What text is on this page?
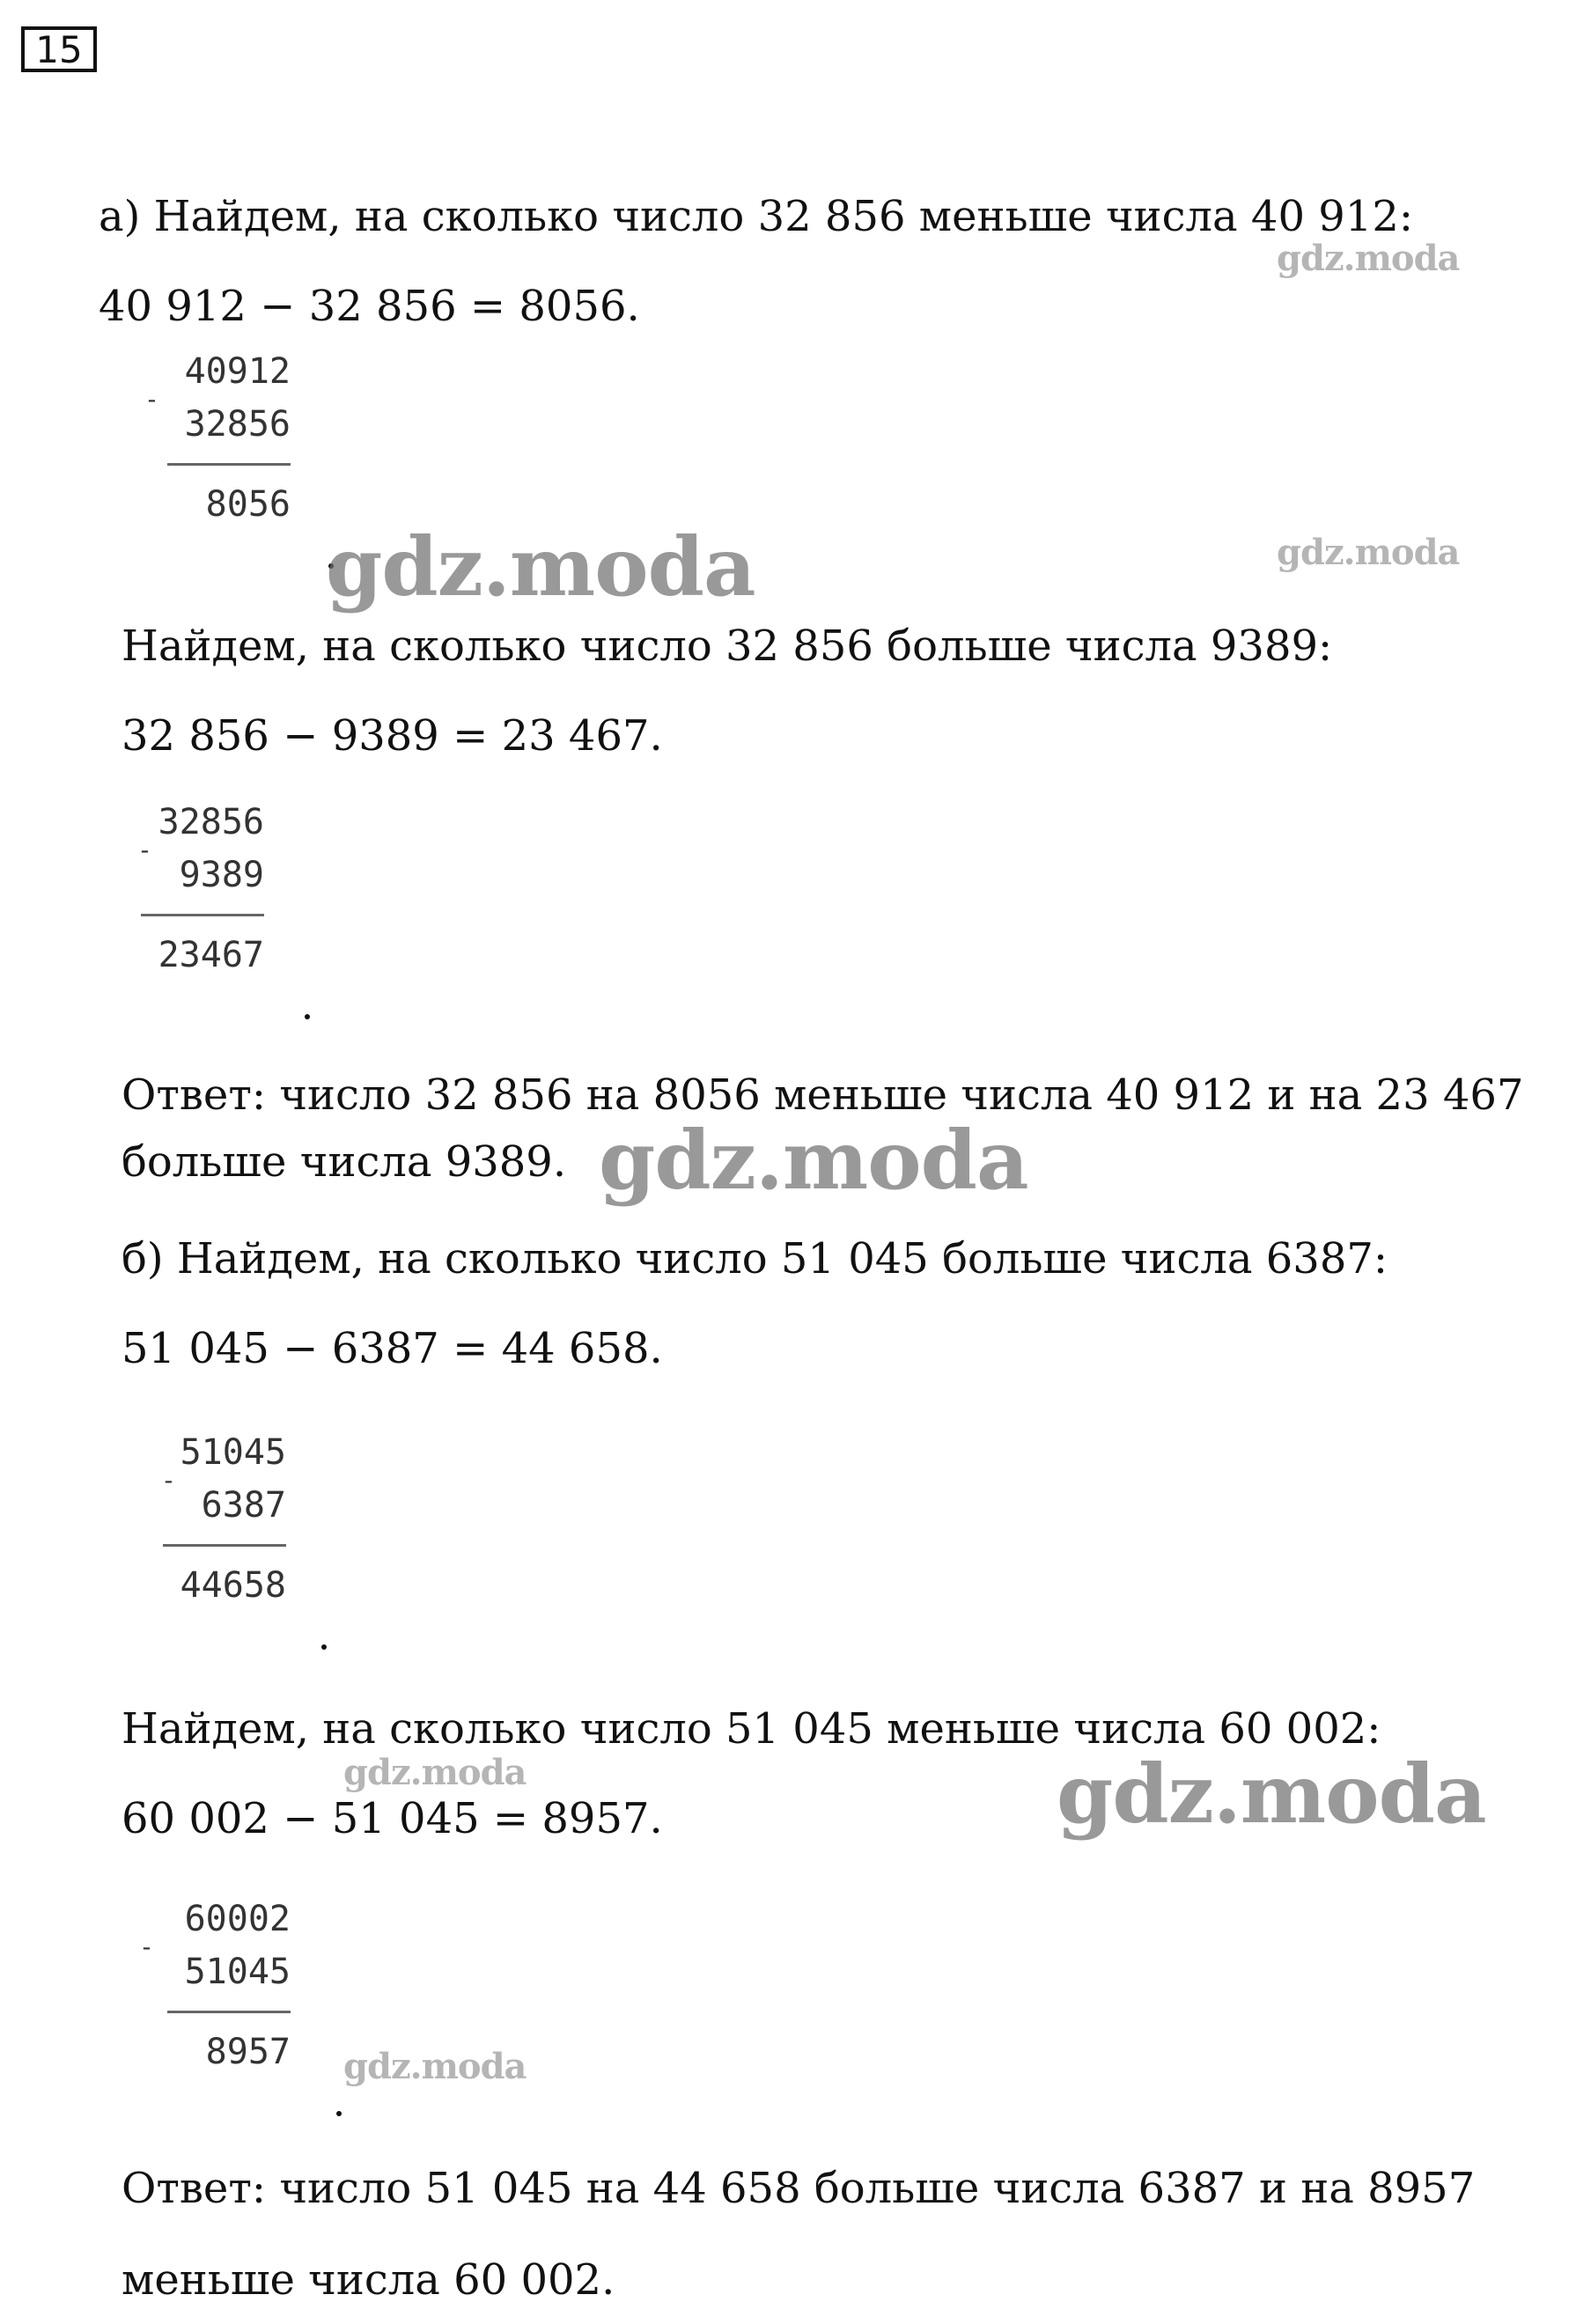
15
а) Найдем, на сколько число 32 856 меньше числа 40 912:
40 912 − 32 856 = 8056.
40912
32856
-
8056
Найдем, на сколько число 32 856 больше числа 9389:
32 856 − 9389 = 23 467.
32856
9389
-
23467
Ответ: число 32 856 на 8056 меньше числа 40 912 и на 23 467
больше числа 9389.
б) Найдем, на сколько число 51 045 больше числа 6387:
51 045 − 6387 = 44 658.
51045
6387
-
44658
Найдем, на сколько число 51 045 меньше числа 60 002:
60 002 − 51 045 = 8957.
60002
51045
-
8957
Ответ: число 51 045 на 44 658 больше числа 6387 и на 8957
меньше числа 60 002.
gdz.moda
gdz.moda	gdz.moda
gdz.moda
gdz.moda	gdz.moda
gdz.moda
